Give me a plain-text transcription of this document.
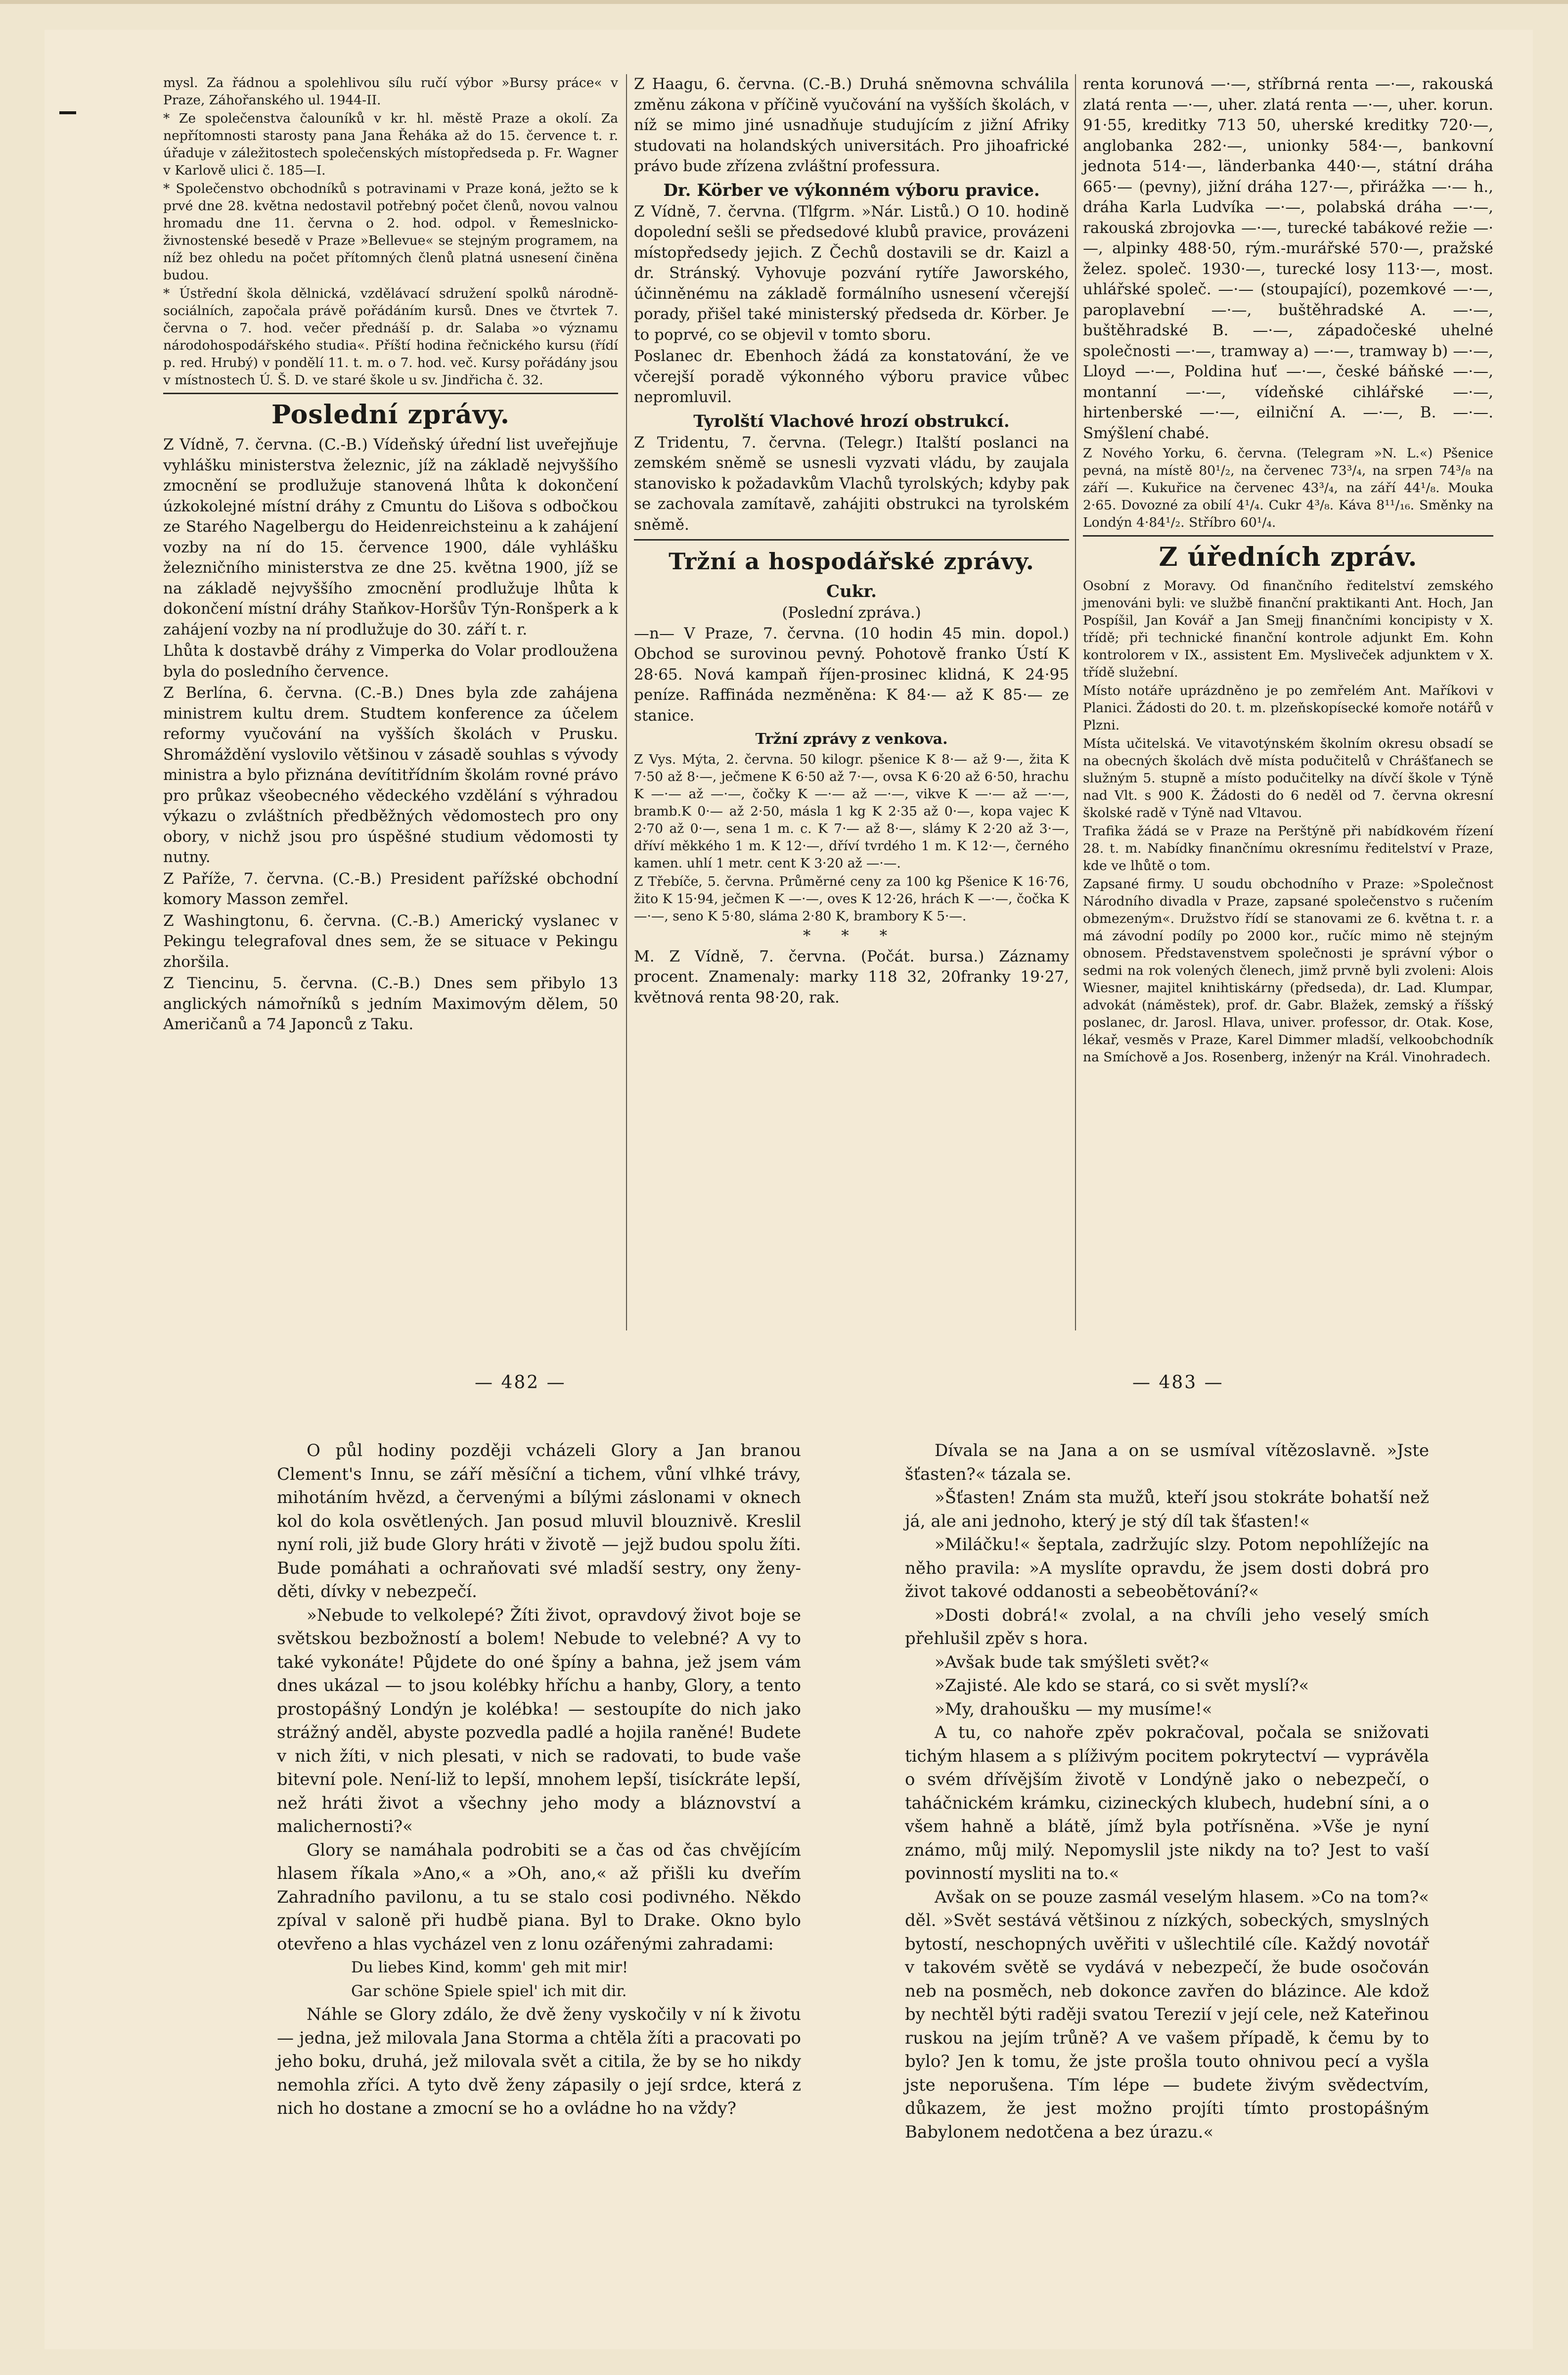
mysl. Za řádnou a spolehlivou sílu ručí výbor »Bursy práce« v Praze, Záhořanského ul. 1944-II.

* Ze společenstva čalouníků v kr. hl. městě Praze a okolí. Za nepřítomnosti starosty pana Jana Řeháka až do 15. července t. r. úřaduje v záležitostech společenských místopředseda p. Fr. Wagner v Karlově ulici č. 185—I.

* Společenstvo obchodníků s potravinami v Praze koná, ježto se k prvé dne 28. května nedostavil potřebný počet členů, novou valnou hromadu dne 11. června o 2. hod. odpol. v Řemeslnicko-živnostenské besedě v Praze »Bellevue« se stejným programem, na níž bez ohledu na počet přítomných členů platná usnesení činěna budou.

* Ústřední škola dělnická, vzdělávací sdružení spolků národně-sociálních, započala právě pořádáním kursů. Dnes ve čtvrtek 7. června o 7. hod. večer přednáší p. dr. Salaba »o významu národohospodářského studia«. Příští hodina řečnického kursu (řídí p. red. Hrubý) v pondělí 11. t. m. o 7. hod. več. Kursy pořádány jsou v místnostech Ú. Š. D. ve staré škole u sv. Jindřicha č. 32.

Poslední zprávy.

Z Vídně, 7. června. (C.-B.) Vídeňský úřední list uveřejňuje vyhlášku ministerstva železnic, jíž na základě nejvyššího zmocnění se prodlužuje stanovená lhůta k dokončení úzkokolejné místní dráhy z Cmuntu do Lišova s odbočkou ze Starého Nagelbergu do Heidenreichsteinu a k zahájení vozby na ní do 15. července 1900, dále vyhlášku železničního ministerstva ze dne 25. května 1900, jíž se na základě nejvyššího zmocnění prodlužuje lhůta k dokončení místní dráhy Staňkov-Horšův Týn-Ronšperk a k zahájení vozby na ní prodlužuje do 30. září t. r.

Lhůta k dostavbě dráhy z Vimperka do Volar prodloužena byla do posledního července.

Z Berlína, 6. června. (C.-B.) Dnes byla zde zahájena ministrem kultu drem. Studtem konference za účelem reformy vyučování na vyšších školách v Prusku. Shromáždění vyslovilo většinou v zásadě souhlas s vývody ministra a bylo přiznána devítitřídním školám rovné právo pro průkaz všeobecného vědeckého vzdělání s výhradou výkazu o zvláštních předběžných vědomostech pro ony obory, v nichž jsou pro úspěšné studium vědomosti ty nutny.

Z Paříže, 7. června. (C.-B.) President pařížské obchodní komory Masson zemřel.

Z Washingtonu, 6. června. (C.-B.) Americký vyslanec v Pekingu telegrafoval dnes sem, že se situace v Pekingu zhoršila.

Z Tiencinu, 5. června. (C.-B.) Dnes sem přibylo 13 anglických námořníků s jedním Maximovým dělem, 50 Američanů a 74 Japonců z Taku.

Z Haagu, 6. června. (C.-B.) Druhá sněmovna schválila změnu zákona v příčině vyučování na vyšších školách, v níž se mimo jiné usnadňuje studujícím z jižní Afriky studovati na holandských universitách. Pro jihoafrické právo bude zřízena zvláštní professura.

Dr. Körber ve výkonném výboru pravice.

Z Vídně, 7. června. (Tlfgrm. »Nár. Listů.) O 10. hodině dopolední sešli se předsedové klubů pravice, provázeni místopředsedy jejich. Z Čechů dostavili se dr. Kaizl a dr. Stránský. Vyhovuje pozvání rytíře Jaworského, účinněnému na základě formálního usnesení včerejší porady, přišel také ministerský předseda dr. Körber. Je to poprvé, co se objevil v tomto sboru.

Poslanec dr. Ebenhoch žádá za konstatování, že ve včerejší poradě výkonného výboru pravice vůbec nepromluvil.

Tyrolští Vlachové hrozí obstrukcí.

Z Tridentu, 7. června. (Telegr.) Italští poslanci na zemském sněmě se usnesli vyzvati vládu, by zaujala stanovisko k požadavkům Vlachů tyrolských; kdyby pak se zachovala zamítavě, zahájiti obstrukci na tyrolském sněmě.

Tržní a hospodářské zprávy.
Cukr.
(Poslední zpráva.)

—n— V Praze, 7. června. (10 hodin 45 min. dopol.) Obchod se surovinou pevný. Pohotově franko Ústí K 28·65. Nová kampaň říjen-prosinec klidná, K 24·95 peníze. Raffináda nezměněna: K 84·— až K 85·— ze stanice.

Tržní zprávy z venkova.

Z Vys. Mýta, 2. června. 50 kilogr. pšenice K 8·— až 9·—, žita K 7·50 až 8·—, ječmene K 6·50 až 7·—, ovsa K 6·20 až 6·50, hrachu K —·— až —·—, čočky K —·— až —·—, vikve K —·— až —·—, bramb.K 0·— až 2·50, másla 1 kg K 2·35 až 0·—, kopa vajec K 2·70 až 0·—, sena 1 m. c. K 7·— až 8·—, slámy K 2·20 až 3·—, dříví měkkého 1 m. K 12·—, dříví tvrdého 1 m. K 12·—, černého kamen. uhlí 1 metr. cent K 3·20 až —·—.

Z Třebíče, 5. června. Průměrné ceny za 100 kg Pšenice K 16·76, žito K 15·94, ječmen K —·—, oves K 12·26, hrách K —·—, čočka K —·—, seno K 5·80, sláma 2·80 K, brambory K 5·—.

* * *

M. Z Vídně, 7. června. (Počát. bursa.) Záznamy procent. Znamenaly: marky 118 32, 20franky 19·27, květnová renta 98·20, rak.

renta korunová —·—, stříbrná renta —·—, rakouská zlatá renta —·—, uher. zlatá renta —·—, uher. korun. 91·55, kreditky 713 50, uherské kreditky 720·—, anglobanka 282·—, unionky 584·—, bankovní jednota 514·—, länderbanka 440·—, státní dráha 665·— (pevny), jižní dráha 127·—, přirážka —·— h., dráha Karla Ludvíka —·—, polabská dráha —·—, rakouská zbrojovka —·—, turecké tabákové režie —·—, alpinky 488·50, rým.-murářské 570·—, pražské želez. společ. 1930·—, turecké losy 113·—, most. uhlářské společ. —·— (stoupající), pozemkové —·—, paroplavební —·—, buštěhradské A. —·—, buštěhradské B. —·—, západočeské uhelné společnosti —·—, tramway a) —·—, tramway b) —·—, Lloyd —·—, Poldina huť —·—, české báňské —·—, montanní —·—, vídeňské cihlářské —·—, hirtenberské —·—, eilniční A. —·—, B. —·—. Smýšlení chabé.

Z Nového Yorku, 6. června. (Telegram »N. L.«) Pšenice pevná, na místě 80¹/₂, na červenec 73³/₄, na srpen 74³/₈ na září —. Kukuřice na červenec 43³/₄, na září 44¹/₈. Mouka 2·65. Dovozné za obilí 4¹/₄. Cukr 4³/₈. Káva 8¹¹/₁₆. Směnky na Londýn 4·84¹/₂. Stříbro 60¹/₄.

Z úředních zpráv.

Osobní z Moravy. Od finančního ředitelství zemského jmenováni byli: ve službě finanční praktikanti Ant. Hoch, Jan Pospíšil, Jan Kovář a Jan Smejj finančními koncipisty v X. třídě; při technické finanční kontrole adjunkt Em. Kohn kontrolorem v IX., assistent Em. Mysliveček adjunktem v X. třídě služební.

Místo notáře uprázdněno je po zemřelém Ant. Maříkovi v Planici. Žádosti do 20. t. m. plzeňskopísecké komoře notářů v Plzni.

Místa učitelská. Ve vitavotýnském školním okresu obsadí se na obecných školách dvě místa podučitelů v Chrášťanech se služným 5. stupně a místo podučitelky na dívčí škole v Týně nad Vlt. s 900 K. Žádosti do 6 neděl od 7. června okresní školské radě v Týně nad Vltavou.

Trafika žádá se v Praze na Perštýně při nabídkovém řízení 28. t. m. Nabídky finančnímu okresnímu ředitelství v Praze, kde ve lhůtě o tom.

Zapsané firmy. U soudu obchodního v Praze: »Společnost Národního divadla v Praze, zapsané společenstvo s ručením obmezeným«. Družstvo řídí se stanovami ze 6. května t. r. a má závodní podíly po 2000 kor., ručíc mimo ně stejným obnosem. Představenstvem společnosti je správní výbor o sedmi na rok volených členech, jimž prvně byli zvoleni: Alois Wiesner, majitel knihtiskárny (předseda), dr. Lad. Klumpar, advokát (náměstek), prof. dr. Gabr. Blažek, zemský a říšský poslanec, dr. Jarosl. Hlava, univer. professor, dr. Otak. Kose, lékař, vesměs v Praze, Karel Dimmer mladší, velkoobchodník na Smíchově a Jos. Rosenberg, inženýr na Král. Vinohradech.

— 482 —	— 483 —

O půl hodiny později vcházeli Glory a Jan branou Clement's Innu, se září měsíční a tichem, vůní vlhké trávy, mihotáním hvězd, a červenými a bílými záslonami v oknech kol do kola osvětlených. Jan posud mluvil blouznivě. Kreslil nyní roli, již bude Glory hráti v životě — jejž budou spolu žíti. Bude pomáhati a ochraňovati své mladší sestry, ony ženy-děti, dívky v nebezpečí.

»Nebude to velkolepé? Žíti život, opravdový život boje se světskou bezbožností a bolem! Nebude to velebné? A vy to také vykonáte! Půjdete do oné špíny a bahna, jež jsem vám dnes ukázal — to jsou kolébky hříchu a hanby, Glory, a tento prostopášný Londýn je kolébka! — sestoupíte do nich jako strážný anděl, abyste pozvedla padlé a hojila raněné! Budete v nich žíti, v nich plesati, v nich se radovati, to bude vaše bitevní pole. Není-liž to lepší, mnohem lepší, tisíckráte lepší, než hráti život a všechny jeho mody a bláznovství a malichernosti?«

Glory se namáhala podrobiti se a čas od čas chvějícím hlasem říkala »Ano,« a »Oh, ano,« až přišli ku dveřím Zahradního pavilonu, a tu se stalo cosi podivného. Někdo zpíval v saloně při hudbě piana. Byl to Drake. Okno bylo otevřeno a hlas vycházel ven z lonu ozářenými zahradami:

Du liebes Kind, komm' geh mit mir!

Gar schöne Spiele spiel' ich mit dir.

Náhle se Glory zdálo, že dvě ženy vyskočily v ní k životu — jedna, jež milovala Jana Storma a chtěla žíti a pracovati po jeho boku, druhá, jež milovala svět a citila, že by se ho nikdy nemohla zříci. A tyto dvě ženy zápasily o její srdce, která z nich ho dostane a zmocní se ho a ovládne ho na vždy?

Dívala se na Jana a on se usmíval vítězoslavně. »Jste šťasten?« tázala se.

»Šťasten! Znám sta mužů, kteří jsou stokráte bohatší než já, ale ani jednoho, který je stý díl tak šťasten!«

»Miláčku!« šeptala, zadržujíc slzy. Potom nepohlížejíc na něho pravila: »A myslíte opravdu, že jsem dosti dobrá pro život takové oddanosti a sebeobětování?«

»Dosti dobrá!« zvolal, a na chvíli jeho veselý smích přehlušil zpěv s hora.

»Avšak bude tak smýšleti svět?«

»Zajisté. Ale kdo se stará, co si svět myslí?«

»My, drahoušku — my musíme!«

A tu, co nahoře zpěv pokračoval, počala se snižovati tichým hlasem a s plíživým pocitem pokrytectví — vyprávěla o svém dřívějším životě v Londýně jako o nebezpečí, o taháčnickém krámku, cizineckých klubech, hudební síni, a o všem hahně a blátě, jímž byla potřísněna. »Vše je nyní známo, můj milý. Nepomyslil jste nikdy na to? Jest to vaší povinností mysliti na to.«

Avšak on se pouze zasmál veselým hlasem. »Co na tom?« děl. »Svět sestává většinou z nízkých, sobeckých, smyslných bytostí, neschopných uvěřiti v ušlechtilé cíle. Každý novotář v takovém světě se vydává v nebezpečí, že bude osočován neb na posměch, neb dokonce zavřen do blázince. Ale kdož by nechtěl býti raději svatou Terezií v její cele, než Kateřinou ruskou na jejím trůně? A ve vašem případě, k čemu by to bylo? Jen k tomu, že jste prošla touto ohnivou pecí a vyšla jste neporušena. Tím lépe — budete živým svědectvím, důkazem, že jest možno projíti tímto prostopášným Babylonem nedotčena a bez úrazu.«
